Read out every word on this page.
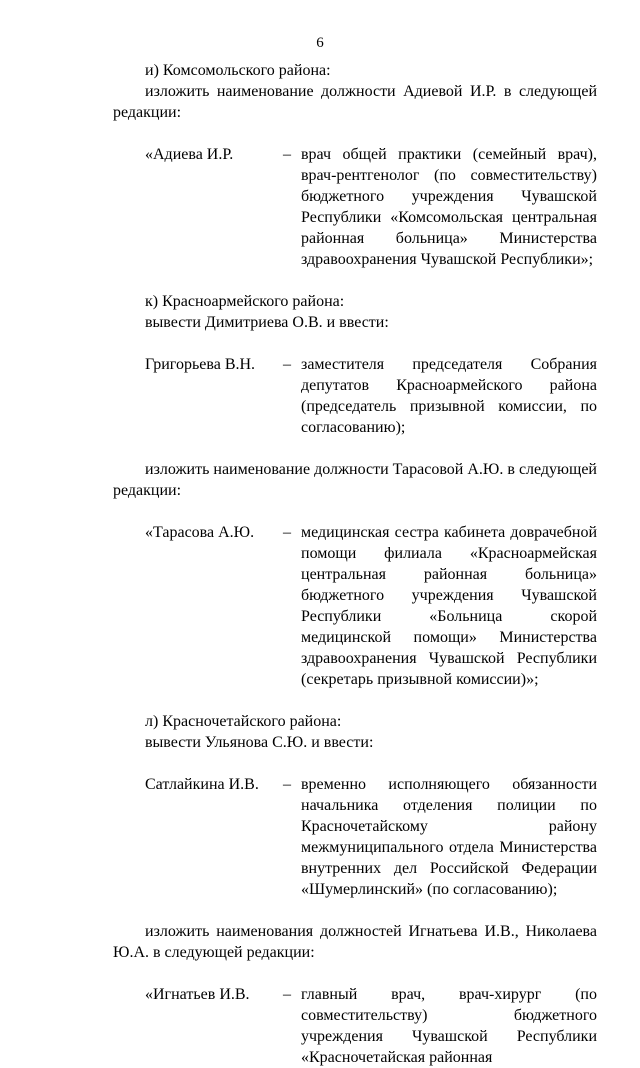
6

и) Комсомольского района:

изложить наименование должности Адиевой И.Р. в следующей редакции:

«Адиева И.Р.	– врач общей практики (семейный врач), врач-рентгенолог (по совместительству) бюджетного учреждения Чувашской Республики «Комсомольская центральная районная больница» Министерства здравоохранения Чувашской Республики»;

к) Красноармейского района:

вывести Димитриева О.В. и ввести:

Григорьева В.Н.	– заместителя председателя Собрания депутатов Красноармейского района (председатель призывной комиссии, по согласованию);

изложить наименование должности Тарасовой А.Ю. в следующей редакции:

«Тарасова А.Ю.	– медицинская сестра кабинета доврачебной помощи филиала «Красноармейская центральная районная больница» бюджетного учреждения Чувашской Республики «Больница скорой медицинской помощи» Министерства здравоохранения Чувашской Республики (секретарь призывной комиссии)»;

л) Красночетайского района:

вывести Ульянова С.Ю. и ввести:

Сатлайкина И.В.	– временно исполняющего обязанности начальника отделения полиции по Красночетайскому району межмуниципального отдела Министерства внутренних дел Российской Федерации «Шумерлинский» (по согласованию);

изложить наименования должностей Игнатьева И.В., Николаева Ю.А. в следующей редакции:

«Игнатьев И.В.	– главный врач, врач-хирург (по совместительству) бюджетного учреждения Чувашской Республики «Красночетайская районная
